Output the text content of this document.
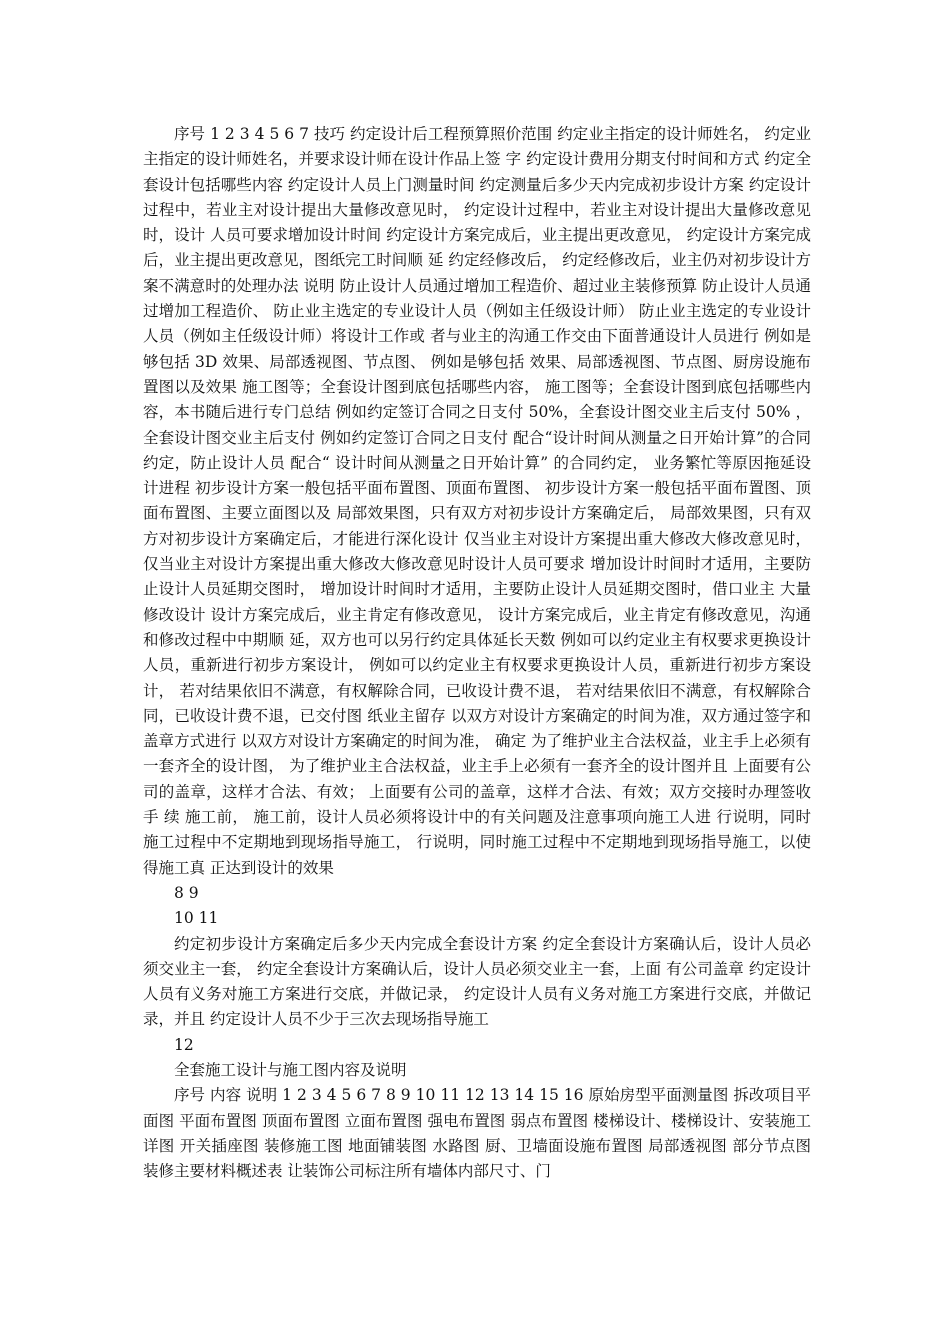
序号 1 2 3 4 5 6 7 技巧 约定设计后工程预算照价范围 约定业主指定的设计师姓名， 约定业主指定的设计师姓名，并要求设计师在设计作品上签 字 约定设计费用分期支付时间和方式 约定全套设计包括哪些内容 约定设计人员上门测量时间 约定测量后多少天内完成初步设计方案 约定设计过程中，若业主对设计提出大量修改意见时， 约定设计过程中，若业主对设计提出大量修改意见时，设计 人员可要求增加设计时间 约定设计方案完成后，业主提出更改意见， 约定设计方案完成后，业主提出更改意见，图纸完工时间顺 延 约定经修改后， 约定经修改后，业主仍对初步设计方案不满意时的处理办法 说明 防止设计人员通过增加工程造价、超过业主装修预算 防止设计人员通过增加工程造价、 防止业主选定的专业设计人员（例如主任级设计师） 防止业主选定的专业设计人员（例如主任级设计师）将设计工作或 者与业主的沟通工作交由下面普通设计人员进行 例如是够包括 3D 效果、局部透视图、节点图、 例如是够包括 效果、局部透视图、节点图、厨房设施布置图以及效果 施工图等；全套设计图到底包括哪些内容， 施工图等；全套设计图到底包括哪些内容，本书随后进行专门总结 例如约定签订合同之日支付 50%，全套设计图交业主后支付 50% ，全套设计图交业主后支付 例如约定签订合同之日支付 配合“设计时间从测量之日开始计算”的合同约定，防止设计人员 配合“ 设计时间从测量之日开始计算” 的合同约定， 业务繁忙等原因拖延设计进程 初步设计方案一般包括平面布置图、顶面布置图、 初步设计方案一般包括平面布置图、顶面布置图、主要立面图以及 局部效果图，只有双方对初步设计方案确定后， 局部效果图，只有双方对初步设计方案确定后，才能进行深化设计 仅当业主对设计方案提出重大修改大修改意见时， 仅当业主对设计方案提出重大修改大修改意见时设计人员可要求 增加设计时间时才适用，主要防止设计人员延期交图时， 增加设计时间时才适用，主要防止设计人员延期交图时，借口业主 大量修改设计 设计方案完成后，业主肯定有修改意见， 设计方案完成后，业主肯定有修改意见，沟通和修改过程中中期顺 延，双方也可以另行约定具体延长天数 例如可以约定业主有权要求更换设计人员，重新进行初步方案设计， 例如可以约定业主有权要求更换设计人员，重新进行初步方案设计， 若对结果依旧不满意，有权解除合同，已收设计费不退， 若对结果依旧不满意，有权解除合同，已收设计费不退，已交付图 纸业主留存 以双方对设计方案确定的时间为准，双方通过签字和盖章方式进行 以双方对设计方案确定的时间为准， 确定 为了维护业主合法权益，业主手上必须有一套齐全的设计图， 为了维护业主合法权益，业主手上必须有一套齐全的设计图并且 上面要有公司的盖章，这样才合法、有效； 上面要有公司的盖章，这样才合法、有效；双方交接时办理签收手 续 施工前， 施工前，设计人员必须将设计中的有关问题及注意事项向施工人进 行说明，同时施工过程中不定期地到现场指导施工， 行说明，同时施工过程中不定期地到现场指导施工，以使得施工真 正达到设计的效果

8 9

10 11

约定初步设计方案确定后多少天内完成全套设计方案 约定全套设计方案确认后，设计人员必须交业主一套， 约定全套设计方案确认后，设计人员必须交业主一套，上面 有公司盖章 约定设计人员有义务对施工方案进行交底，并做记录， 约定设计人员有义务对施工方案进行交底，并做记录，并且 约定设计人员不少于三次去现场指导施工

12

全套施工设计与施工图内容及说明

序号 内容 说明 1 2 3 4 5 6 7 8 9 10 11 12 13 14 15 16 原始房型平面测量图 拆改项目平面图 平面布置图 顶面布置图 立面布置图 强电布置图 弱点布置图 楼梯设计、楼梯设计、安装施工详图 开关插座图 装修施工图 地面铺装图 水路图 厨、卫墙面设施布置图 局部透视图 部分节点图 装修主要材料概述表 让装饰公司标注所有墙体内部尺寸、门
